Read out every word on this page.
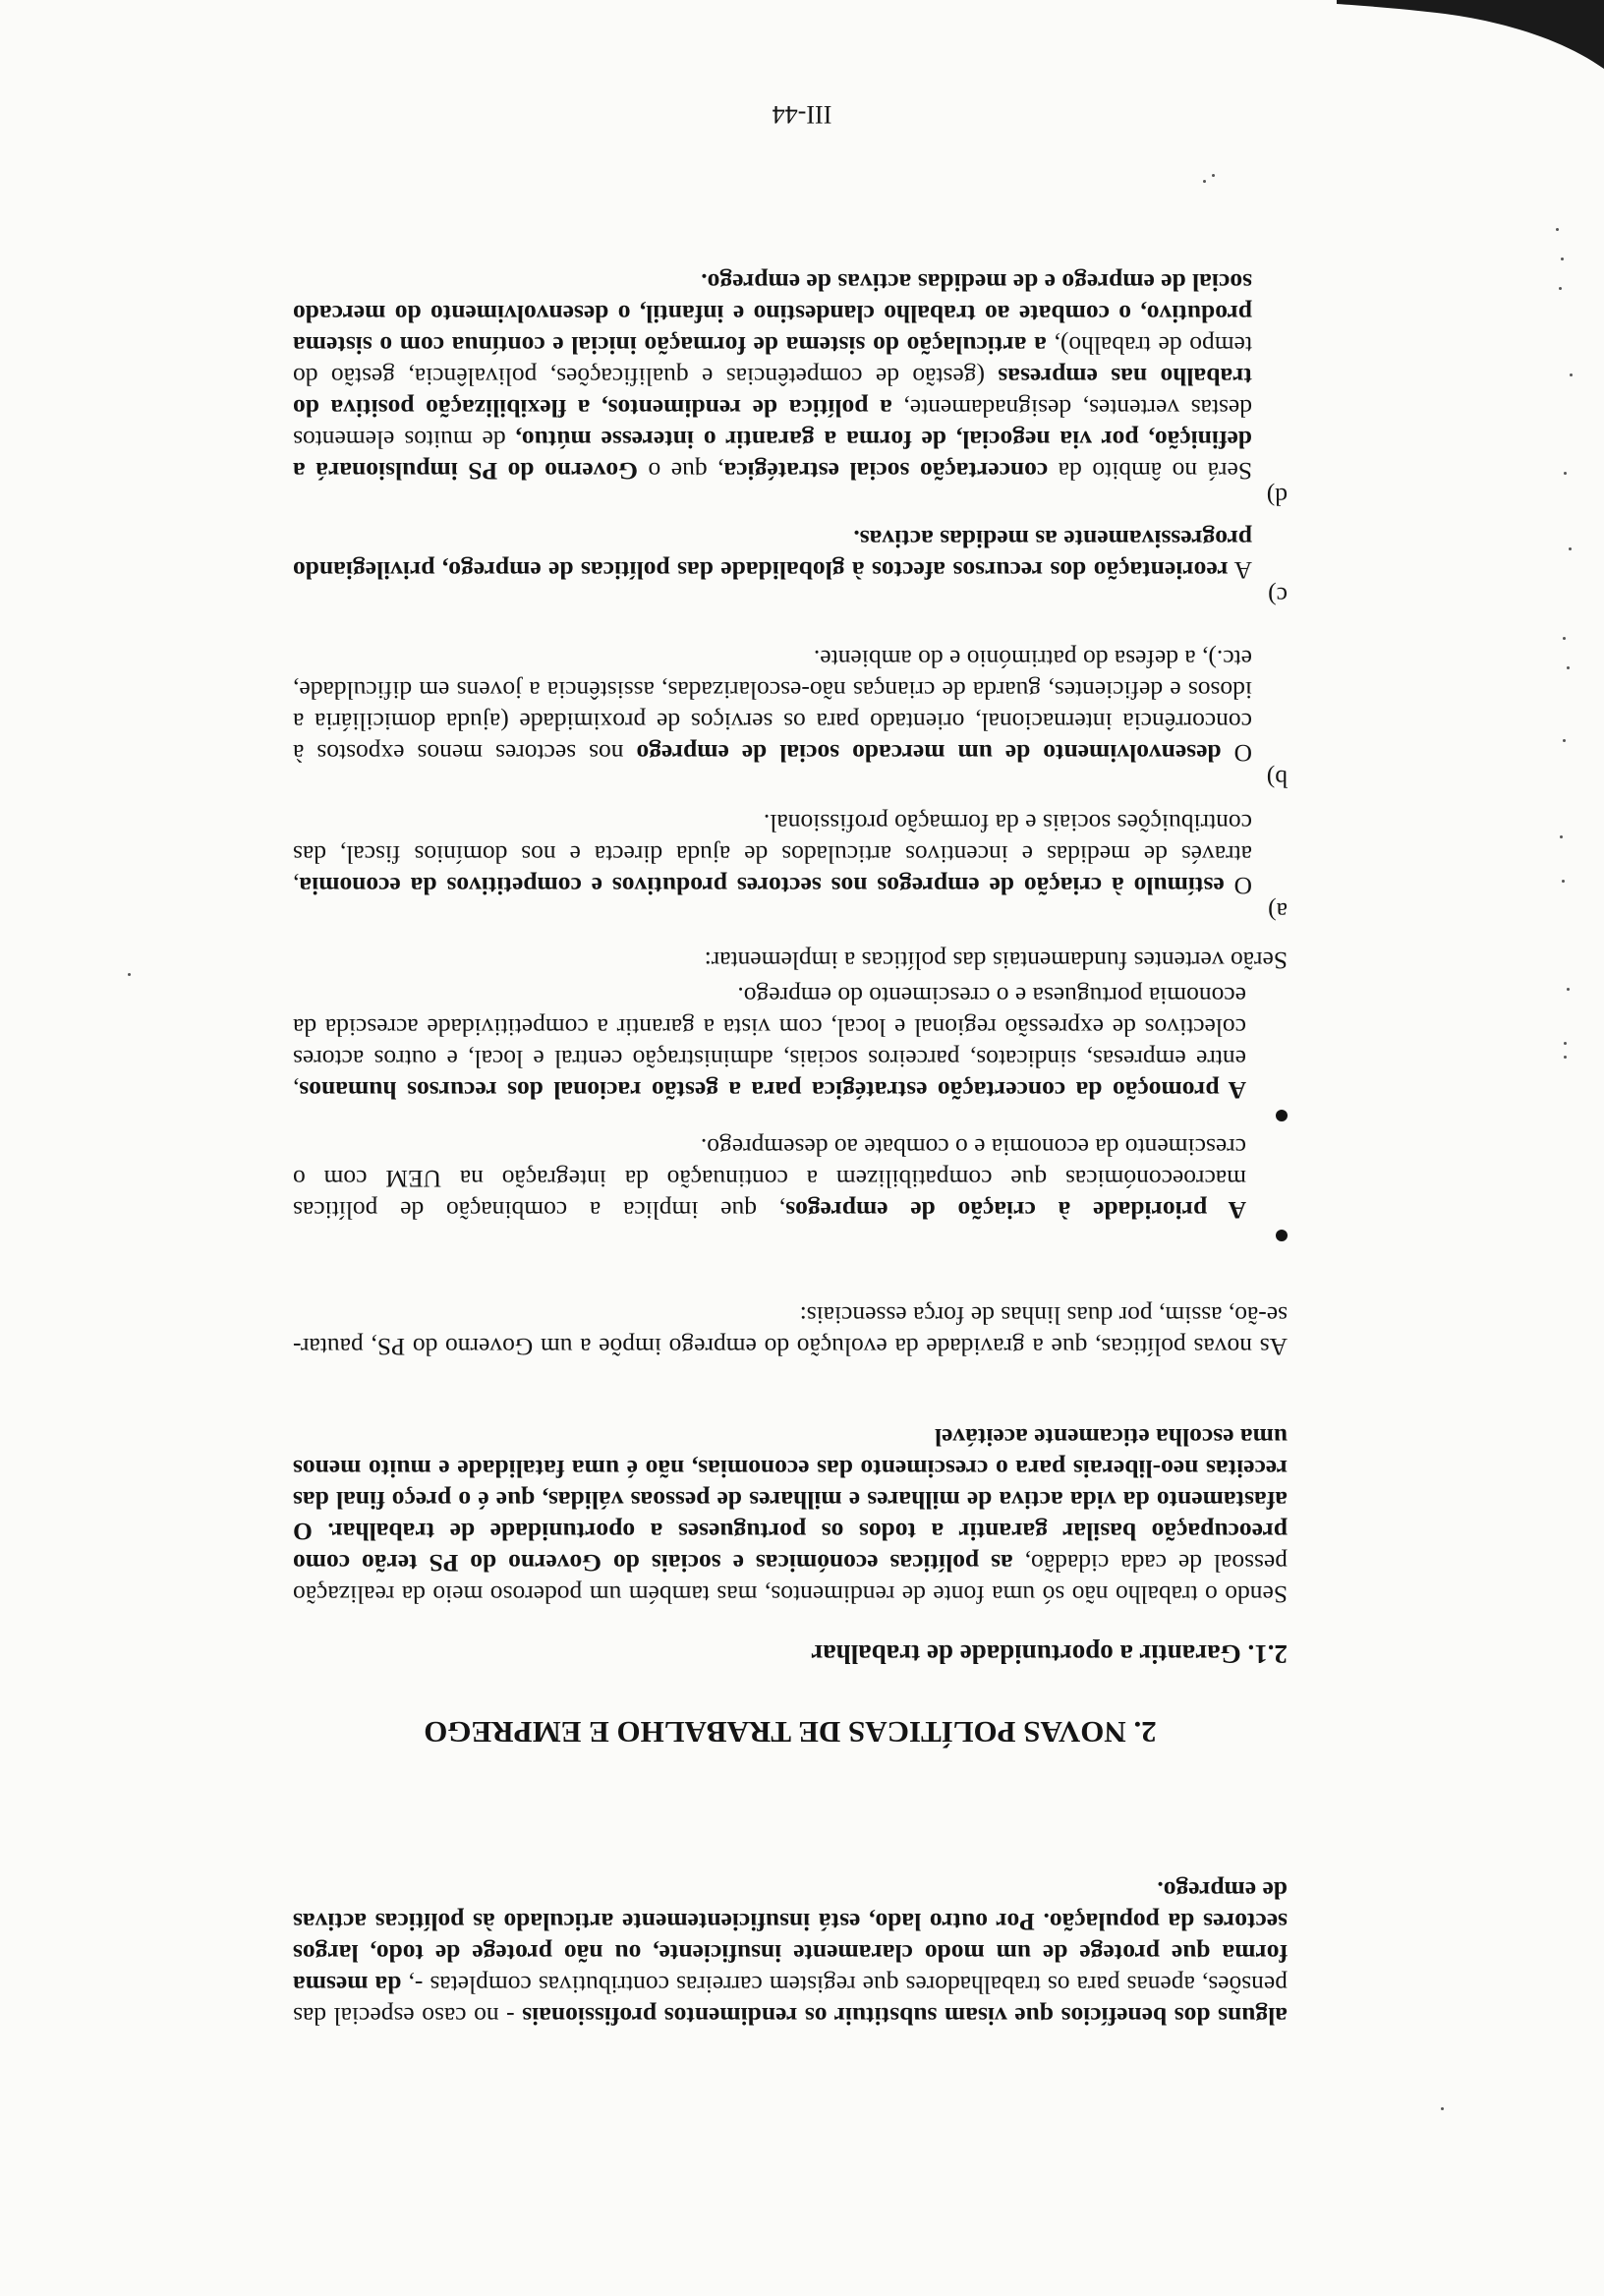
alguns dos benefícios que visam substituir os rendimentos profissionais - no caso especial das pensões, apenas para os trabalhadores que registem carreiras contributivas completas -, da mesma forma que protege de um modo claramente insuficiente, ou não protege de todo, largos sectores da população. Por outro lado, está insuficientemente articulado às políticas activas de emprego.

2. NOVAS POLÍTICAS DE TRABALHO E EMPREGO
2.1. Garantir a oportunidade de trabalhar

Sendo o trabalho não só uma fonte de rendimentos, mas também um poderoso meio da realização pessoal de cada cidadão, as políticas económicas e sociais do Governo do PS terão como preocupação basilar garantir a todos os portugueses a oportunidade de trabalhar. O afastamento da vida activa de milhares e milhares de pessoas válidas, que é o preço final das receitas neo-liberais para o crescimento das economias, não é uma fatalidade e muito menos uma escolha eticamente aceitável

As novas políticas, que a gravidade da evolução do emprego impõe a um Governo do PS, pautar-se-ão, assim, por duas linhas de força essenciais:

A prioridade à criação de empregos, que implica a combinação de políticas macroeconómicas que compatibilizem a continuação da integração na UEM com o crescimento da economia e o combate ao desemprego.

A promoção da concertação estratégica para a gestão racional dos recursos humanos, entre empresas, sindicatos, parceiros sociais, administração central e local, e outros actores colectivos de expressão regional e local, com vista a garantir a competitividade acrescida da economia portuguesa e o crescimento do emprego.

Serão vertentes fundamentais das políticas a implementar:

a)

O estímulo à criação de empregos nos sectores produtivos e competitivos da economia, através de medidas e incentivos articulados de ajuda directa e nos domínios fiscal, das contribuições sociais e da formação profissional.

b)

O desenvolvimento de um mercado social de emprego nos sectores menos expostos à concorrência internacional, orientado para os serviços de proximidade (ajuda domiciliária a idosos e deficientes, guarda de crianças não-escolarizadas, assistência a jovens em dificuldade, etc.), a defesa do património e do ambiente.

c)

A reorientação dos recursos afectos à globalidade das políticas de emprego, privilegiando progressivamente as medidas activas.

d)

Será no âmbito da concertação social estratégica, que o Governo do PS impulsionará a definição, por via negocial, de forma a garantir o interesse mútuo, de muitos elementos destas vertentes, designadamente, a política de rendimentos, a flexibilização positiva do trabalho nas empresas (gestão de competências e qualificações, polivalência, gestão do tempo de trabalho), a articulação do sistema de formação inicial e contínua com o sistema produtivo, o combate ao trabalho clandestino e infantil, o desenvolvimento do mercado social de emprego e de medidas activas de emprego.

III-44
